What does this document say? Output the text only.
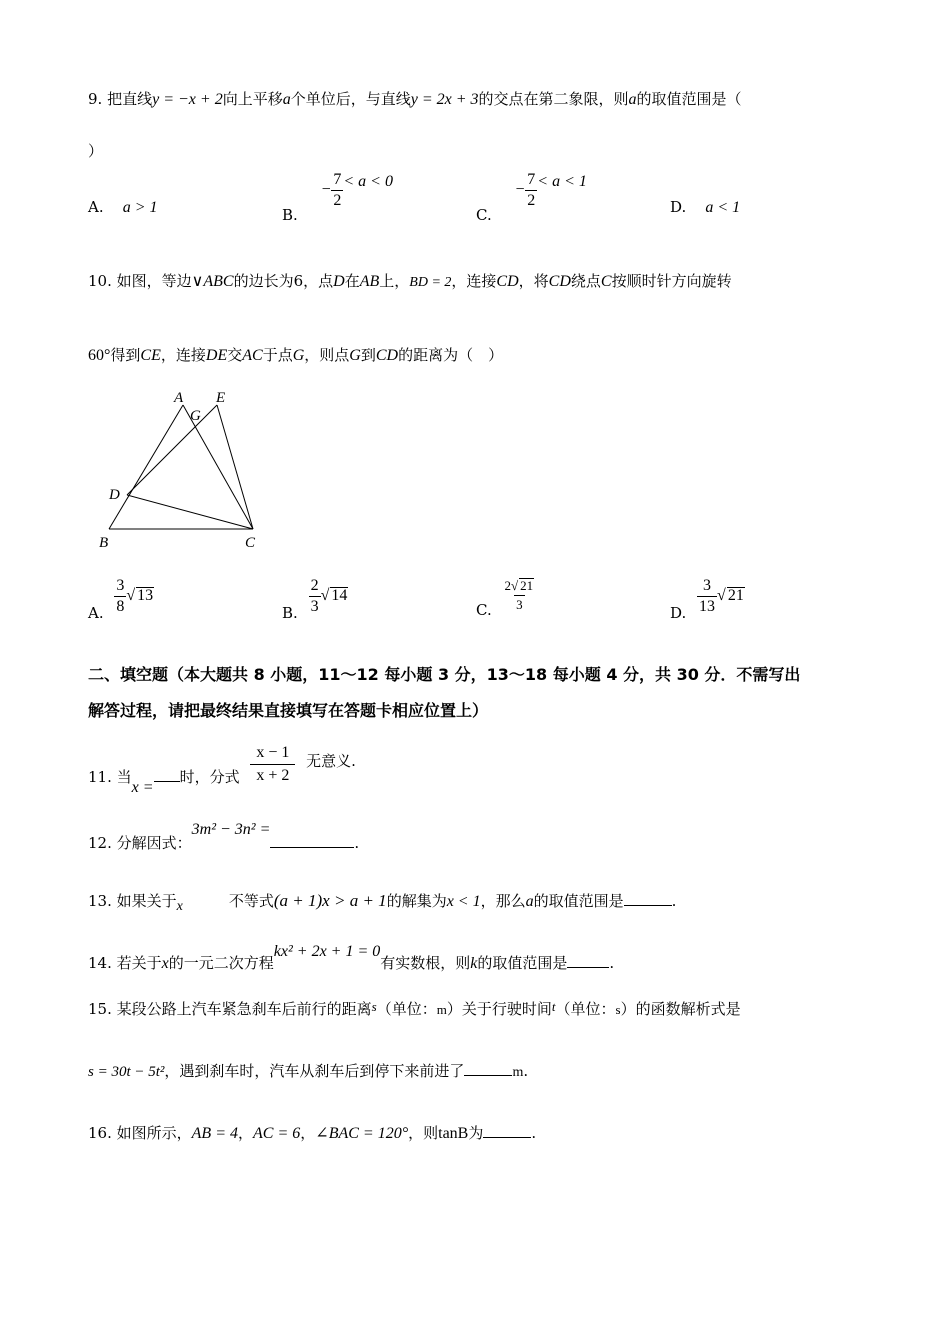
9. 把直线y = −x + 2向上平移a个单位后，与直线y = 2x + 3的交点在第二象限，则a的取值范围是（
）
A. a > 1	B. − $\frac{7}{2} < a < 0$
C. − $\frac{7}{2} < a < 1$
D. a < 1
10. 如图，等边∨ABC的边长为6，点D在AB上，BD = 2，连接CD，将CD绕点C按顺时针方向旋转
60°得到CE，连接DE交AC于点G，则点G到CD的距离为（　）
A
G
E
D
B	C
A. $\frac{3}{8}$ √ 13
B. $\frac{2}{3}$ √ 14
C. $\frac{2√ 21}{3}$
D. $\frac{3}{13}$ √ 21
二、填空题（本大题共 8 小题，11～12 每小题 3 分，13～18 每小题 4 分，共 30 分．不需写出
解答过程，请把最终结果直接填写在答题卡相应位置上）
11. 当x =时，分式 $\frac{x - 1}{x + 2}$ 无意义.
12. 分解因式：3m² − 3n² =.
13. 如果关于x	不等式(a + 1)x > a + 1的解集为x < 1，那么a的取值范围是	.
14. 若关于x的一元二次方程kx² + 2x + 1 = 0有实数根，则k的取值范围是	.
15. 某段公路上汽车紧急刹车后前行的距离s（单位：m）关于行驶时间t（单位：s）的函数解析式是
s = 30t − 5t²，遇到刹车时，汽车从刹车后到停下来前进了	m.
16. 如图所示，AB = 4，AC = 6，∠BAC = 120°，则tanB为	.
